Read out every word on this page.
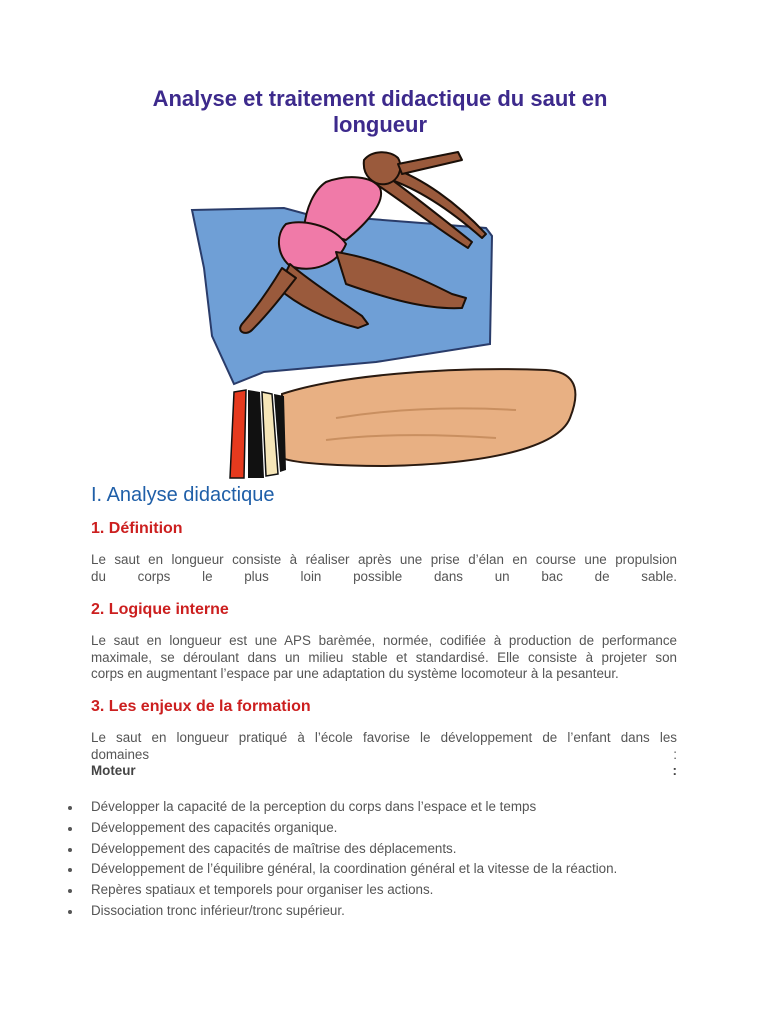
Analyse et traitement didactique du saut en longueur
I. Analyse didactique
1. Définition

Le saut en longueur consiste à réaliser après une prise d’élan en course une propulsion
du corps le plus loin possible dans un bac de sable.

2. Logique interne

Le saut en longueur est une APS barèmée, normée, codifiée à production de performance
maximale, se déroulant dans un milieu stable et standardisé. Elle consiste à projeter son
corps en augmentant l’espace par une adaptation du système locomoteur à la pesanteur.

3. Les enjeux de la formation
Le saut en longueur pratiqué à l’école favorise le développement de l’enfant dans les
domaines	:
Moteur	:
Développer la capacité de la perception du corps dans l’espace et le temps
Développement des capacités organique.
Développement des capacités de maîtrise des déplacements.
Développement de l’équilibre général, la coordination général et la vitesse de la réaction.
Repères spatiaux et temporels pour organiser les actions.
Dissociation tronc inférieur/tronc supérieur.
